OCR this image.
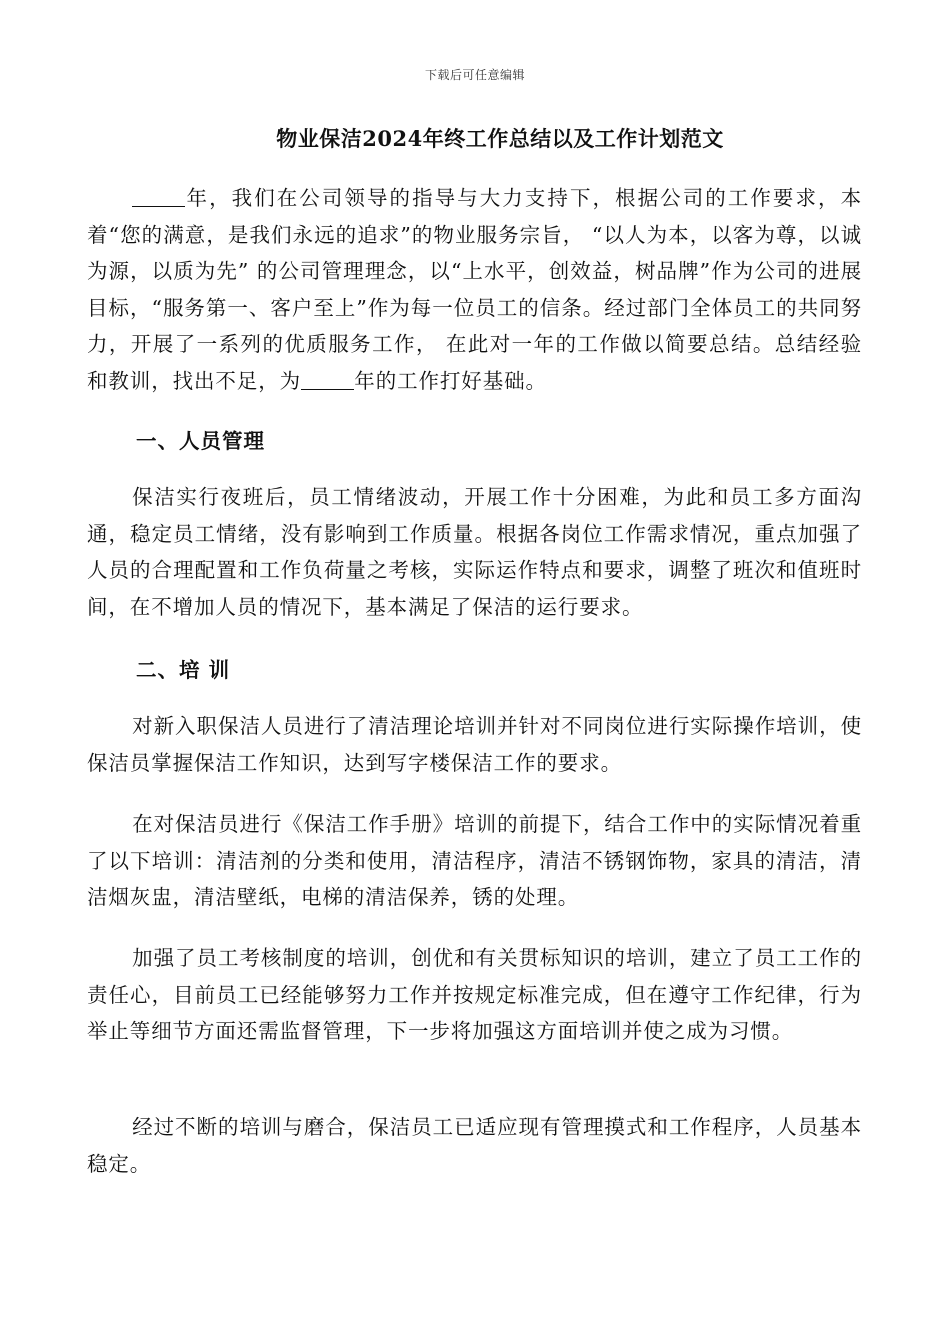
下载后可任意编辑
物业保洁2024年终工作总结以及工作计划范文

年，我们在公司领导的指导与大力支持下，根据公司的工作要求，本着“您的满意，是我们永远的追求”的物业服务宗旨， “以人为本，以客为尊，以诚为源，以质为先” 的公司管理理念，以“上水平，创效益，树品牌”作为公司的进展目标，“服务第一、客户至上”作为每一位员工的信条。经过部门全体员工的共同努力，开展了一系列的优质服务工作， 在此对一年的工作做以简要总结。总结经验和教训，找出不足，为	年的工作打好基础。

一、人员管理

保洁实行夜班后，员工情绪波动，开展工作十分困难，为此和员工多方面沟通，稳定员工情绪，没有影响到工作质量。根据各岗位工作需求情况，重点加强了人员的合理配置和工作负荷量之考核，实际运作特点和要求，调整了班次和值班时间，在不增加人员的情况下，基本满足了保洁的运行要求。

二、培 训

对新入职保洁人员进行了清洁理论培训并针对不同岗位进行实际操作培训，使保洁员掌握保洁工作知识，达到写字楼保洁工作的要求。

在对保洁员进行《保洁工作手册》培训的前提下，结合工作中的实际情况着重了以下培训：清洁剂的分类和使用，清洁程序，清洁不锈钢饰物，家具的清洁，清洁烟灰盅，清洁壁纸，电梯的清洁保养，锈的处理。

加强了员工考核制度的培训，创优和有关贯标知识的培训，建立了员工工作的责任心，目前员工已经能够努力工作并按规定标准完成，但在遵守工作纪律，行为举止等细节方面还需监督管理，下一步将加强这方面培训并使之成为习惯。

经过不断的培训与磨合，保洁员工已适应现有管理摸式和工作程序，人员基本稳定。
